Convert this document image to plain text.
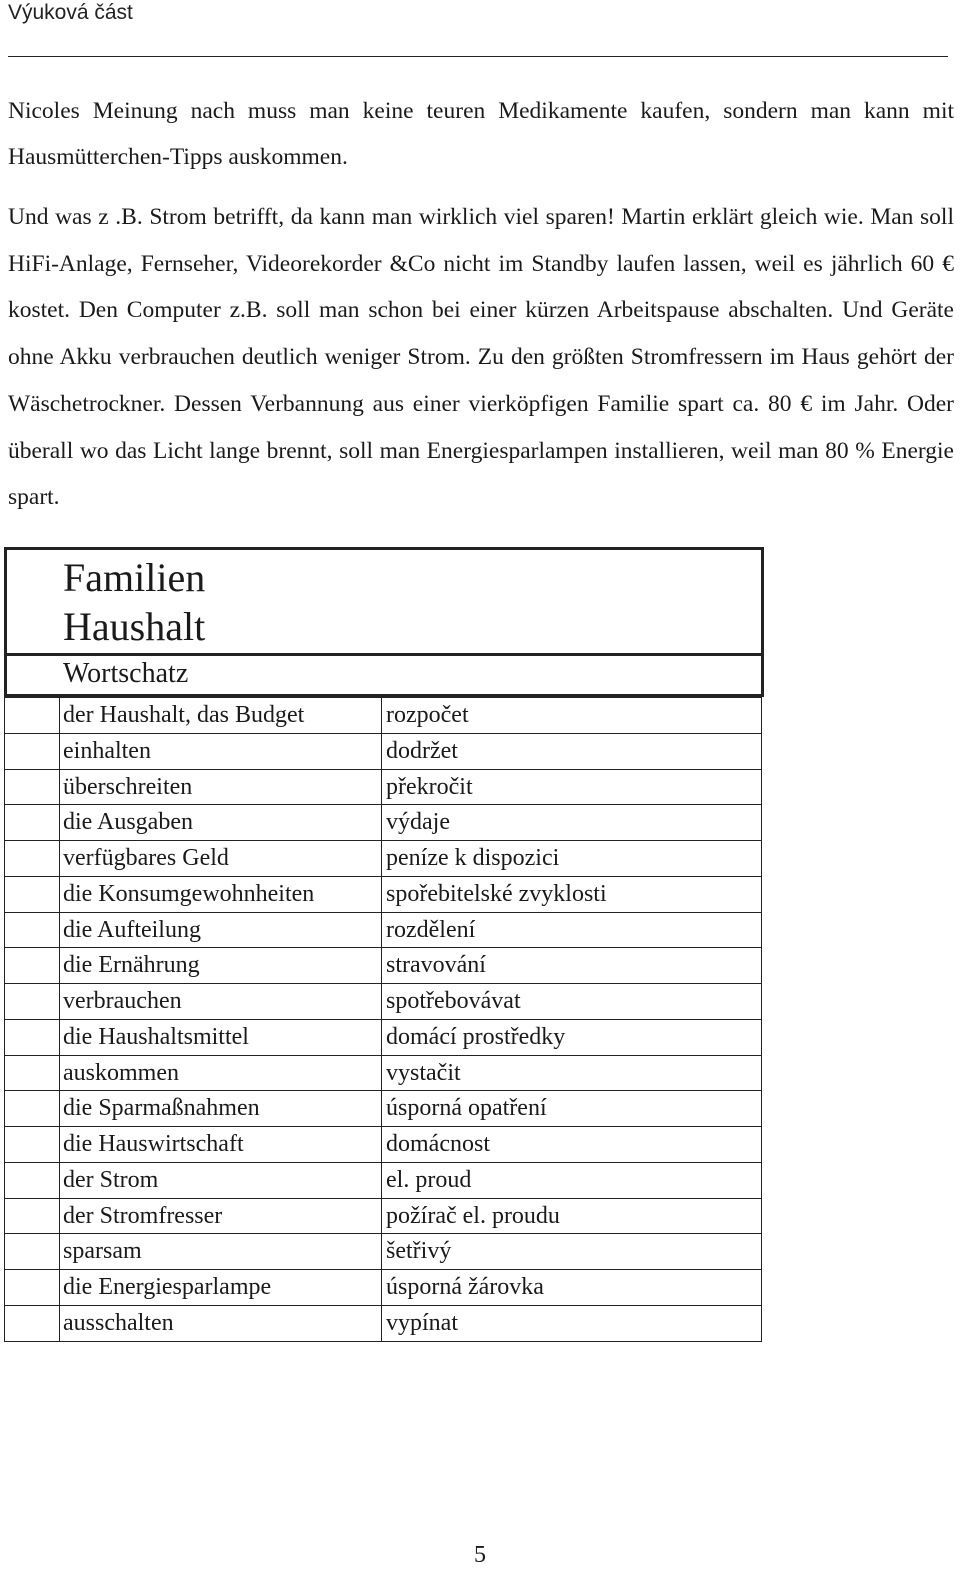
Výuková část

Nicoles Meinung nach muss man keine teuren Medikamente kaufen, sondern man kann mit Hausmütterchen-Tipps auskommen.

Und was z .B. Strom betrifft, da kann man wirklich viel sparen! Martin erklärt gleich wie. Man soll HiFi-Anlage, Fernseher, Videorekorder &Co nicht im Standby laufen lassen, weil es jährlich 60 € kostet. Den Computer z.B. soll man schon bei einer kürzen Arbeitspause abschalten. Und Geräte ohne Akku verbrauchen deutlich weniger Strom. Zu den größten Stromfressern im Haus gehört der Wäschetrockner. Dessen Verbannung aus einer vierköpfigen Familie spart ca. 80 € im Jahr. Oder überall wo das Licht lange brennt, soll man Energiesparlampen installieren, weil man 80 % Energie spart.

Familien
Haushalt
Wortschatz
der Haushalt, das Budget	rozpočet
einhalten	dodržet
überschreiten	překročit
die Ausgaben	výdaje
verfügbares Geld	peníze k dispozici
die Konsumgewohnheiten	spořebitelské zvyklosti
die Aufteilung	rozdělení
die Ernährung	stravování
verbrauchen	spotřebovávat
die Haushaltsmittel	domácí prostředky
auskommen	vystačit
die Sparmaßnahmen	úsporná opatření
die Hauswirtschaft	domácnost
der Strom	el. proud
der Stromfresser	požírač el. proudu
sparsam	šetřivý
die Energiesparlampe	úsporná žárovka
ausschalten	vypínat
5
